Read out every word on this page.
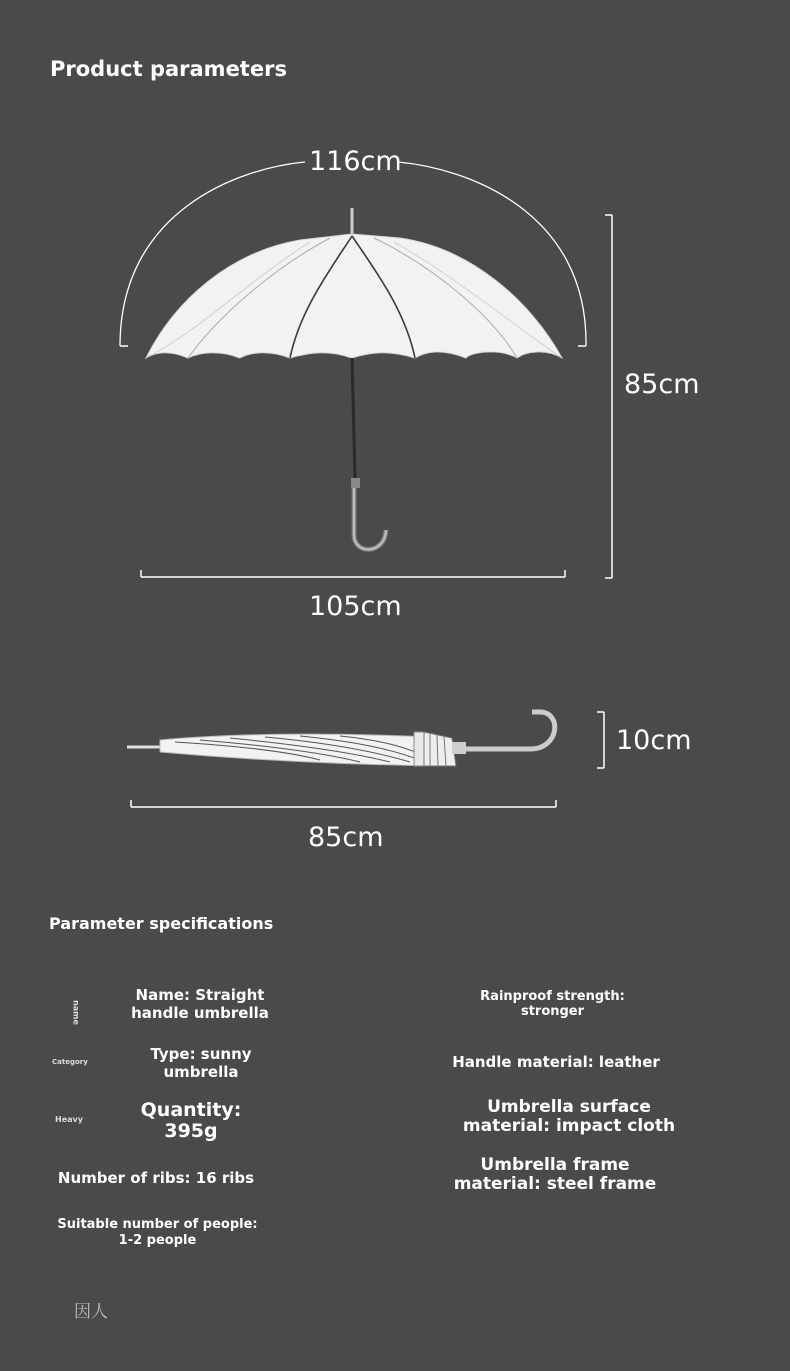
Product parameters
116cm
85cm
105cm
10cm
85cm
Parameter specifications
name
Category
Heavy
Name: Straight handle umbrella
Type: sunny umbrella
Quantity: 395g
Number of ribs: 16 ribs
Suitable number of people: 1-2 people
Rainproof strength: stronger
Handle material: leather
Umbrella surface material: impact cloth
Umbrella frame material: steel frame
因人
